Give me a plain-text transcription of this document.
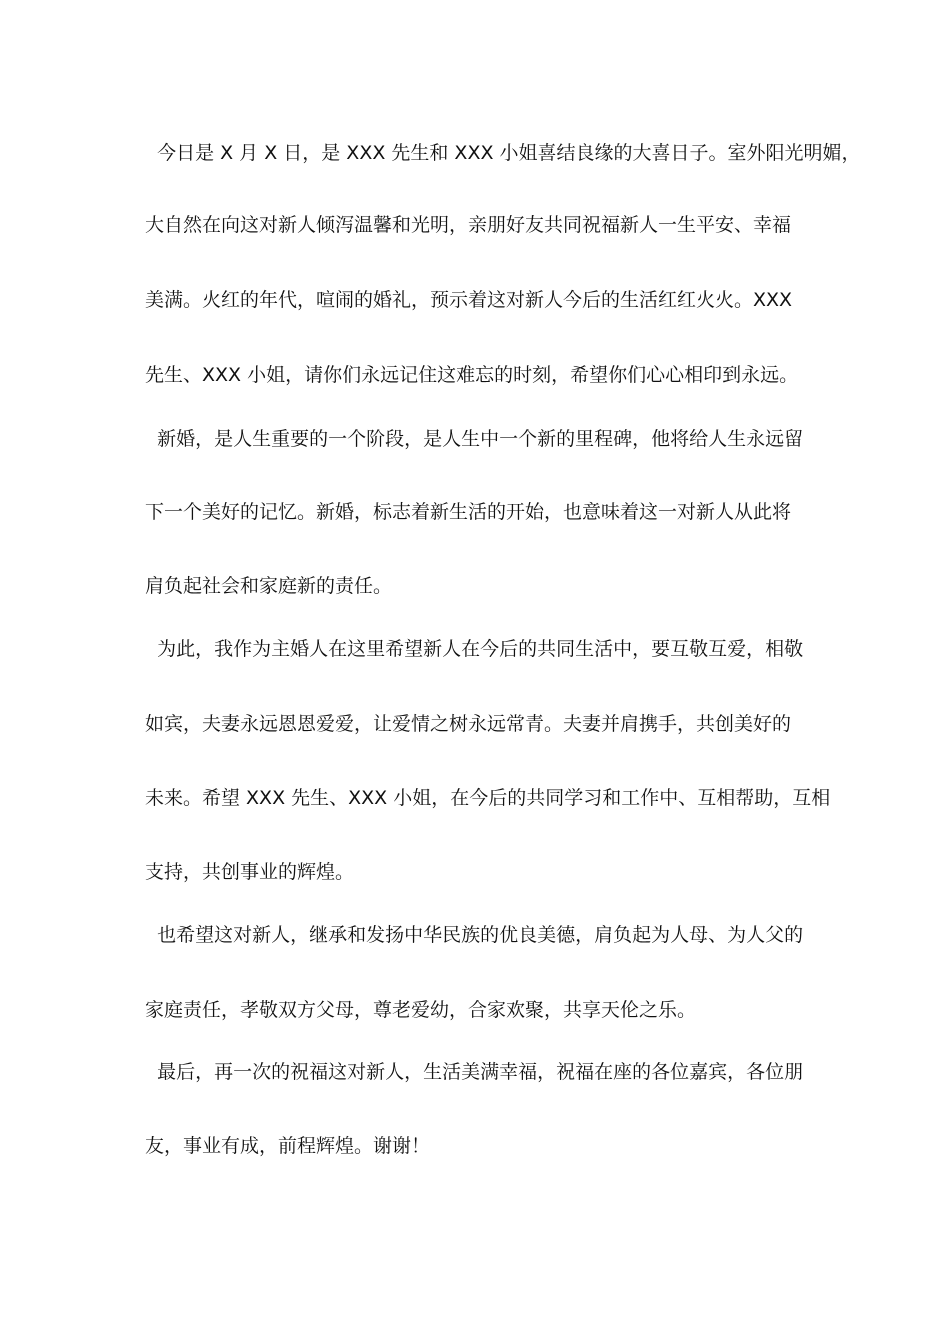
今日是 X 月 X 日，是 XXX 先生和 XXX 小姐喜结良缘的大喜日子。室外阳光明媚，
大自然在向这对新人倾泻温馨和光明，亲朋好友共同祝福新人一生平安、幸福
美满。火红的年代，喧闹的婚礼，预示着这对新人今后的生活红红火火。XXX
先生、XXX 小姐，请你们永远记住这难忘的时刻，希望你们心心相印到永远。
新婚，是人生重要的一个阶段，是人生中一个新的里程碑，他将给人生永远留
下一个美好的记忆。新婚，标志着新生活的开始，也意味着这一对新人从此将
肩负起社会和家庭新的责任。
为此，我作为主婚人在这里希望新人在今后的共同生活中，要互敬互爱，相敬
如宾，夫妻永远恩恩爱爱，让爱情之树永远常青。夫妻并肩携手，共创美好的
未来。希望 XXX 先生、XXX 小姐，在今后的共同学习和工作中、互相帮助，互相
支持，共创事业的辉煌。
也希望这对新人，继承和发扬中华民族的优良美德，肩负起为人母、为人父的
家庭责任，孝敬双方父母，尊老爱幼，合家欢聚，共享天伦之乐。
最后，再一次的祝福这对新人，生活美满幸福，祝福在座的各位嘉宾，各位朋
友，事业有成，前程辉煌。谢谢！
